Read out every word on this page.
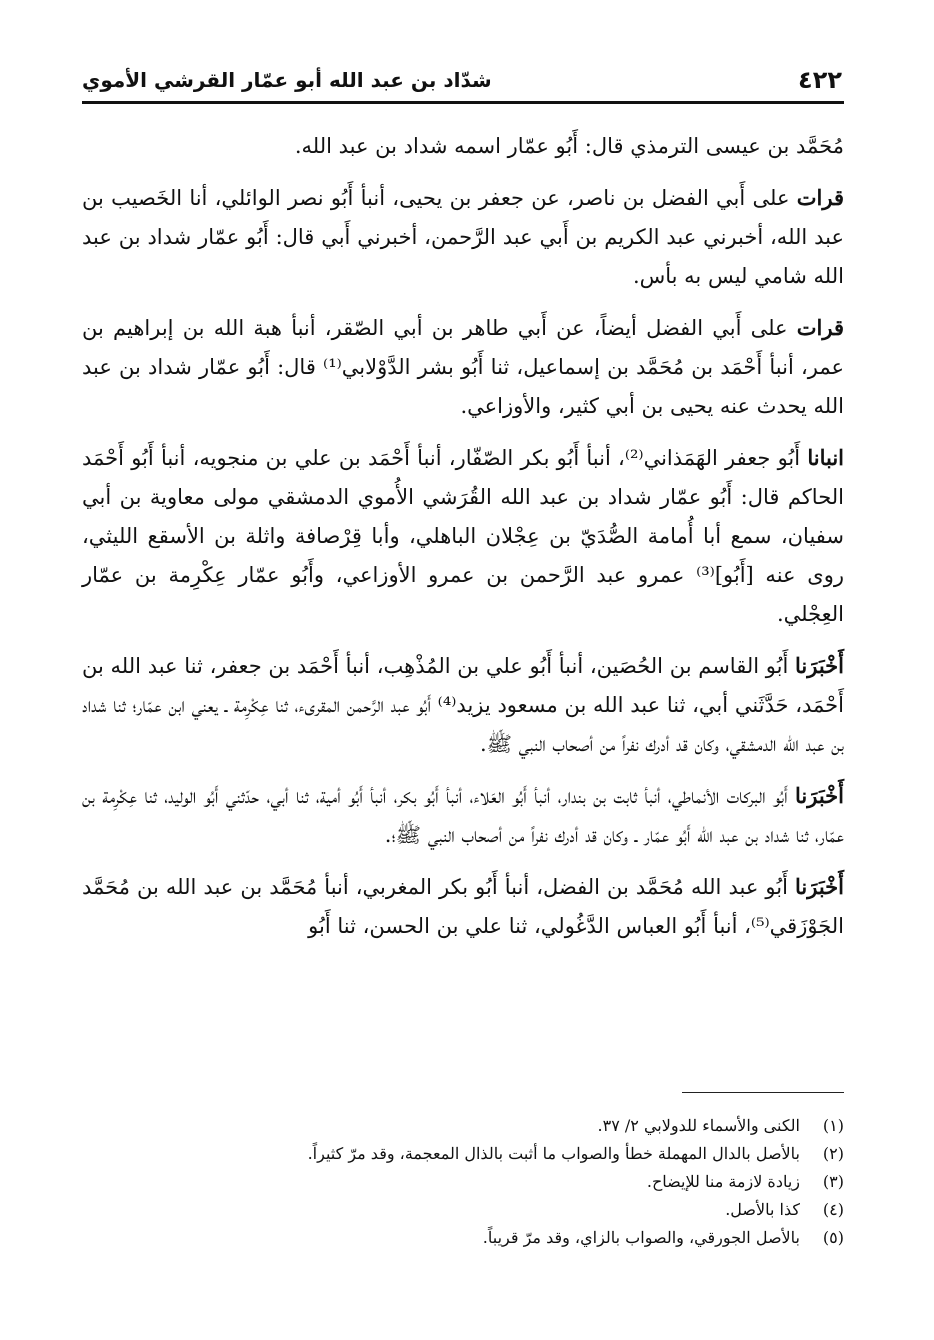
٤٢٢
شدّاد بن عبد الله أبو عمّار القرشي الأموي

مُحَمَّد بن عيسى الترمذي قال: أَبُو عمّار اسمه شداد بن عبد الله.

قرات على أَبي الفضل بن ناصر، عن جعفر بن يحيى، أنبأ أَبُو نصر الوائلي، أنا الخَصيب بن عبد الله، أخبرني عبد الكريم بن أَبي عبد الرَّحمن، أخبرني أَبي قال: أَبُو عمّار شداد بن عبد الله شامي ليس به بأس.

قرات على أَبي الفضل أيضاً، عن أَبي طاهر بن أبي الصّقر، أنبأ هبة الله بن إبراهيم بن عمر، أنبأ أَحْمَد بن مُحَمَّد بن إسماعيل، ثنا أَبُو بشر الدَّوْلابي⁽¹⁾ قال: أَبُو عمّار شداد بن عبد الله يحدث عنه يحيى بن أبي كثير، والأوزاعي.

انبانا أَبُو جعفر الهَمَذاني⁽²⁾، أنبأ أَبُو بكر الصّفّار، أنبأ أَحْمَد بن علي بن منجويه، أنبأ أَبُو أَحْمَد الحاكم قال: أَبُو عمّار شداد بن عبد الله القُرَشي الأُموي الدمشقي مولى معاوية بن أبي سفيان، سمع أبا أُمامة الصُّدَيّ بن عِجْلان الباهلي، وأبا قِرْصافة واثلة بن الأسقع الليثي، روى عنه [أَبُو]⁽³⁾ عمرو عبد الرَّحمن بن عمرو الأوزاعي، وأَبُو عمّار عِكْرِمة بن عمّار العِجْلي.

أَخْبَرَنا أَبُو القاسم بن الحُصَين، أنبأ أَبُو علي بن المُذْهِب، أنبأ أَحْمَد بن جعفر، ثنا عبد الله بن أَحْمَد، حَدَّثَني أبي، ثنا عبد الله بن مسعود يزيد⁽⁴⁾ أَبُو عبد الرَّحمن المقرىء، ثنا عِكْرِمة ـ يعني ابن عمّار؛ ثنا شداد بن عبد الله الدمشقي، وكان قد أدرك نفراً من أصحاب النبي ﷺ.

أَخْبَرَنا أَبُو البركات الأنماطي، أنبأ ثابت بن بندار، أنبأ أَبُو العَلاء، أنبأ أَبُو بكر، أنبأ أَبُو أمية، ثنا أبي، حدّثني أَبُو الوليد، ثنا عِكْرِمة بن عمّار، ثنا شداد بن عبد الله أَبُو عمّار ـ وكان قد أدرك نفراً من أصحاب النبي ﷺ؛.

أَخْبَرَنا أَبُو عبد الله مُحَمَّد بن الفضل، أنبأ أَبُو بكر المغربي، أنبأ مُحَمَّد بن عبد الله بن مُحَمَّد الجَوْزَقي⁽⁵⁾، أنبأ أَبُو العباس الدَّغُولي، ثنا علي بن الحسن، ثنا أَبُو

(١)
الكنى والأسماء للدولابي ٢/ ٣٧.
(٢)
بالأصل بالدال المهملة خطأ والصواب ما أثبت بالذال المعجمة، وقد مرّ كثيراً.
(٣)
زيادة لازمة منا للإيضاح.
(٤)
كذا بالأصل.
(٥)
بالأصل الجورقي، والصواب بالزاي، وقد مرّ قريباً.
